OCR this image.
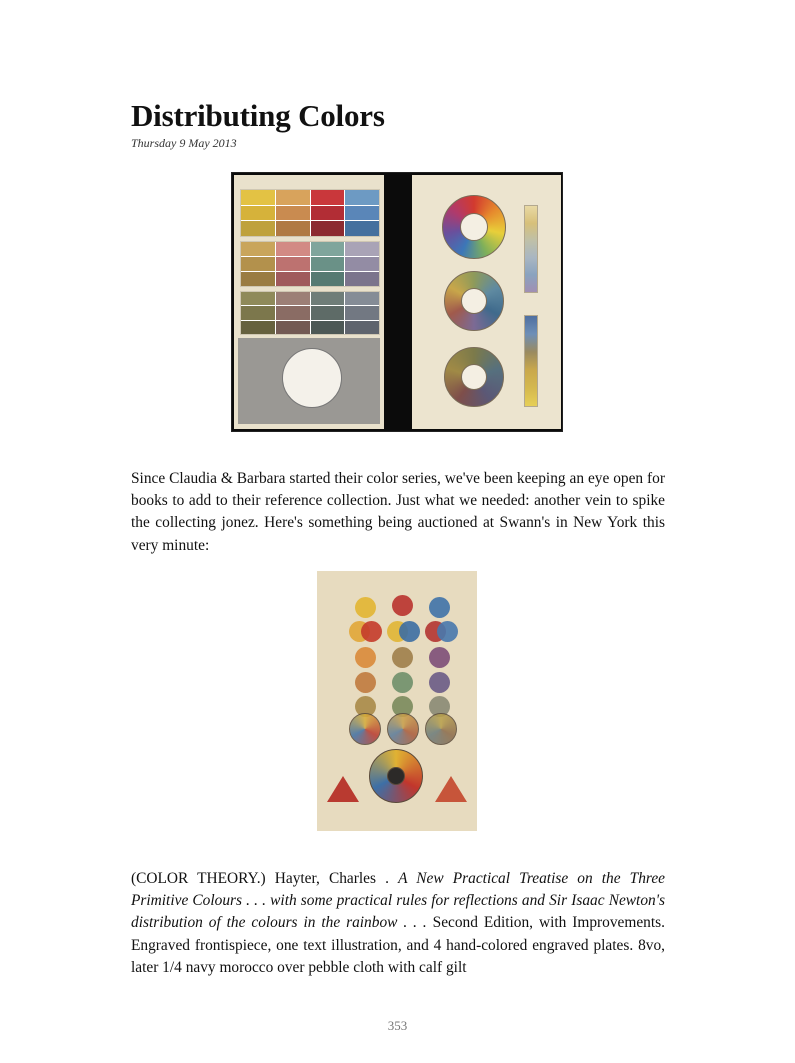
Distributing Colors
Thursday 9 May 2013

Since Claudia & Barbara started their color series, we've been keeping an eye open for books to add to their reference collection. Just what we needed: another vein to spike the collecting jonez. Here's something being auctioned at Swann's in New York this very minute:

(COLOR THEORY.) Hayter, Charles . A New Practical Treatise on the Three Primitive Colours . . . with some practical rules for reflections and Sir Isaac Newton's distribution of the colours in the rainbow . . . Second Edition, with Improvements. Engraved frontispiece, one text illustration, and 4 hand-colored engraved plates. 8vo, later 1/4 navy morocco over pebble cloth with calf gilt

353
